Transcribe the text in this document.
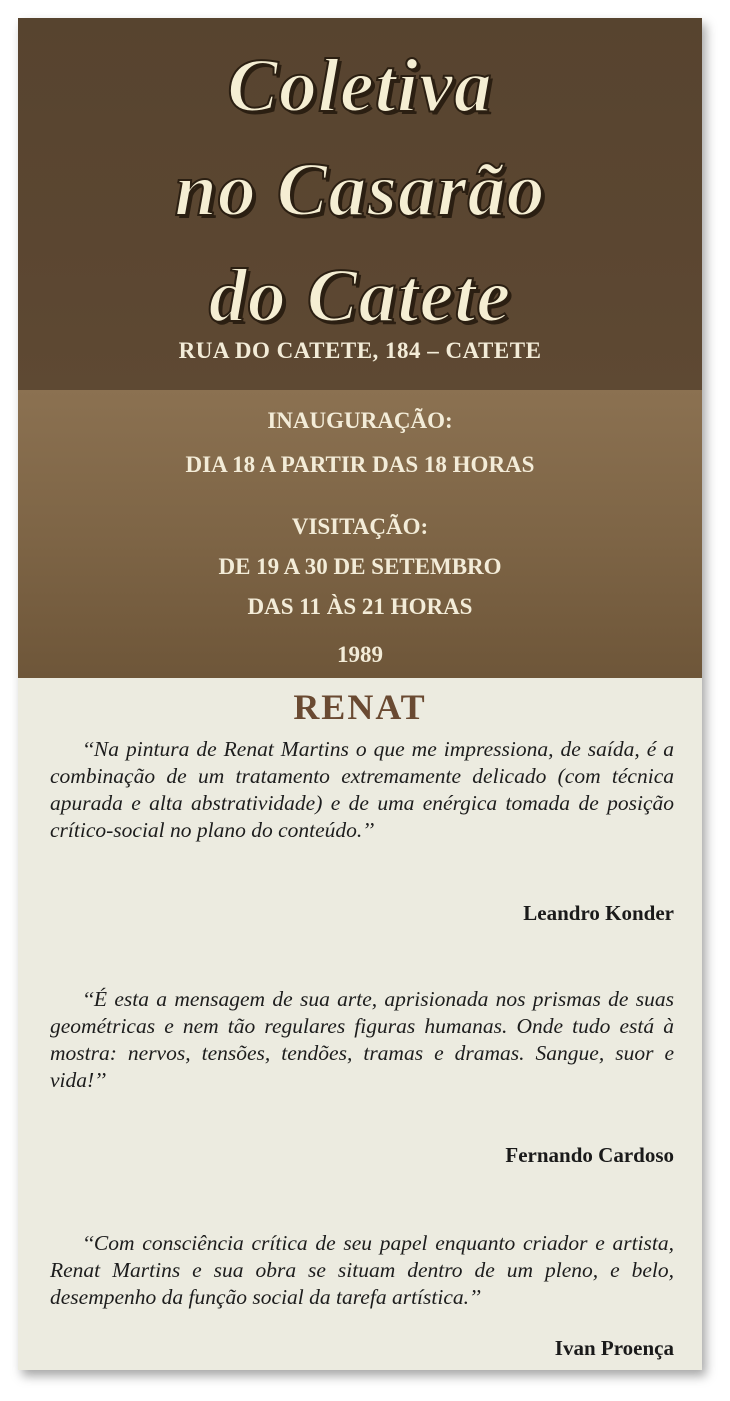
Coletiva
no Casarão
do Catete
RUA DO CATETE, 184 – CATETE
INAUGURAÇÃO:
DIA 18 A PARTIR DAS 18 HORAS
VISITAÇÃO:
DE 19 A 30 DE SETEMBRO
DAS 11 ÀS 21 HORAS
1989
RENAT
‘‘Na pintura de Renat Martins o que me impressiona, de saída, é a combinação de um tratamento extremamente delicado (com técnica apurada e alta abstratividade) e de uma enérgica tomada de posição crítico-social no plano do conteúdo.’’
Leandro Konder
‘‘É esta a mensagem de sua arte, aprisionada nos prismas de suas geométricas e nem tão regulares figuras humanas. Onde tudo está à mostra: nervos, tensões, tendões, tramas e dramas. Sangue, suor e vida!’’
Fernando Cardoso
‘‘Com consciência crítica de seu papel enquanto criador e artista, Renat Martins e sua obra se situam dentro de um pleno, e belo, desempenho da função social da tarefa artística.’’
Ivan Proença
